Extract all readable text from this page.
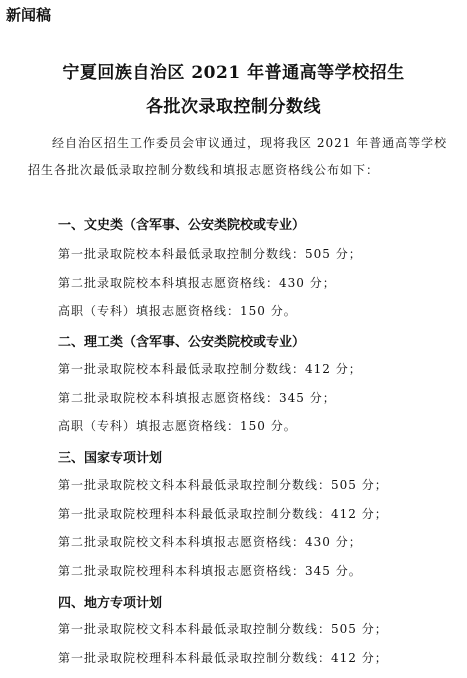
新闻稿
宁夏回族自治区 2021 年普通高等学校招生
各批次录取控制分数线
经自治区招生工作委员会审议通过，现将我区 2021 年普通高等学校招生各批次最低录取控制分数线和填报志愿资格线公布如下：
一、文史类（含军事、公安类院校或专业）
第一批录取院校本科最低录取控制分数线：505 分；
第二批录取院校本科填报志愿资格线：430 分；
高职（专科）填报志愿资格线：150 分。
二、理工类（含军事、公安类院校或专业）
第一批录取院校本科最低录取控制分数线：412 分；
第二批录取院校本科填报志愿资格线：345 分；
高职（专科）填报志愿资格线：150 分。
三、国家专项计划
第一批录取院校文科本科最低录取控制分数线：505 分；
第一批录取院校理科本科最低录取控制分数线：412 分；
第二批录取院校文科本科填报志愿资格线：430 分；
第二批录取院校理科本科填报志愿资格线：345 分。
四、地方专项计划
第一批录取院校文科本科最低录取控制分数线：505 分；
第一批录取院校理科本科最低录取控制分数线：412 分；
